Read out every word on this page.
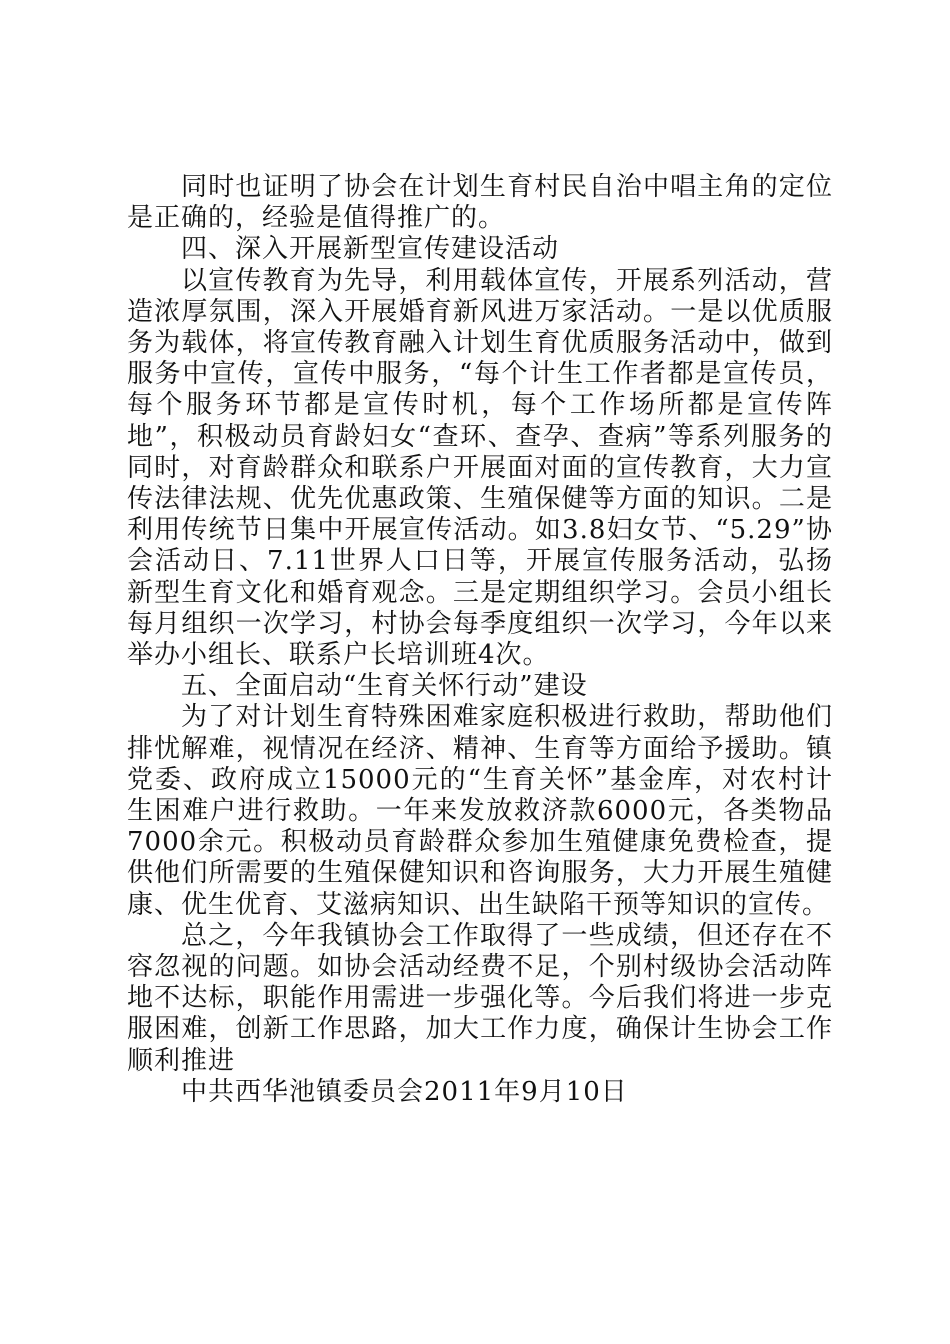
同时也证明了协会在计划生育村民自治中唱主角的定位是正确的，经验是值得推广的。

四、深入开展新型宣传建设活动

以宣传教育为先导，利用载体宣传，开展系列活动，营造浓厚氛围，深入开展婚育新风进万家活动。一是以优质服务为载体，将宣传教育融入计划生育优质服务活动中，做到服务中宣传，宣传中服务，“每个计生工作者都是宣传员，每个服务环节都是宣传时机，每个工作场所都是宣传阵地”，积极动员育龄妇女“查环、查孕、查病”等系列服务的同时，对育龄群众和联系户开展面对面的宣传教育，大力宣传法律法规、优先优惠政策、生殖保健等方面的知识。二是利用传统节日集中开展宣传活动。如3.8妇女节、“5.29”协会活动日、7.11世界人口日等，开展宣传服务活动，弘扬新型生育文化和婚育观念。三是定期组织学习。会员小组长每月组织一次学习，村协会每季度组织一次学习，今年以来举办小组长、联系户长培训班4次。

五、全面启动“生育关怀行动”建设

为了对计划生育特殊困难家庭积极进行救助，帮助他们排忧解难，视情况在经济、精神、生育等方面给予援助。镇党委、政府成立15000元的“生育关怀”基金库，对农村计生困难户进行救助。一年来发放救济款6000元，各类物品7000余元。积极动员育龄群众参加生殖健康免费检查，提供他们所需要的生殖保健知识和咨询服务，大力开展生殖健康、优生优育、艾滋病知识、出生缺陷干预等知识的宣传。

总之，今年我镇协会工作取得了一些成绩，但还存在不容忽视的问题。如协会活动经费不足，个别村级协会活动阵地不达标，职能作用需进一步强化等。今后我们将进一步克服困难，创新工作思路，加大工作力度，确保计生协会工作顺利推进

中共西华池镇委员会2011年9月10日
